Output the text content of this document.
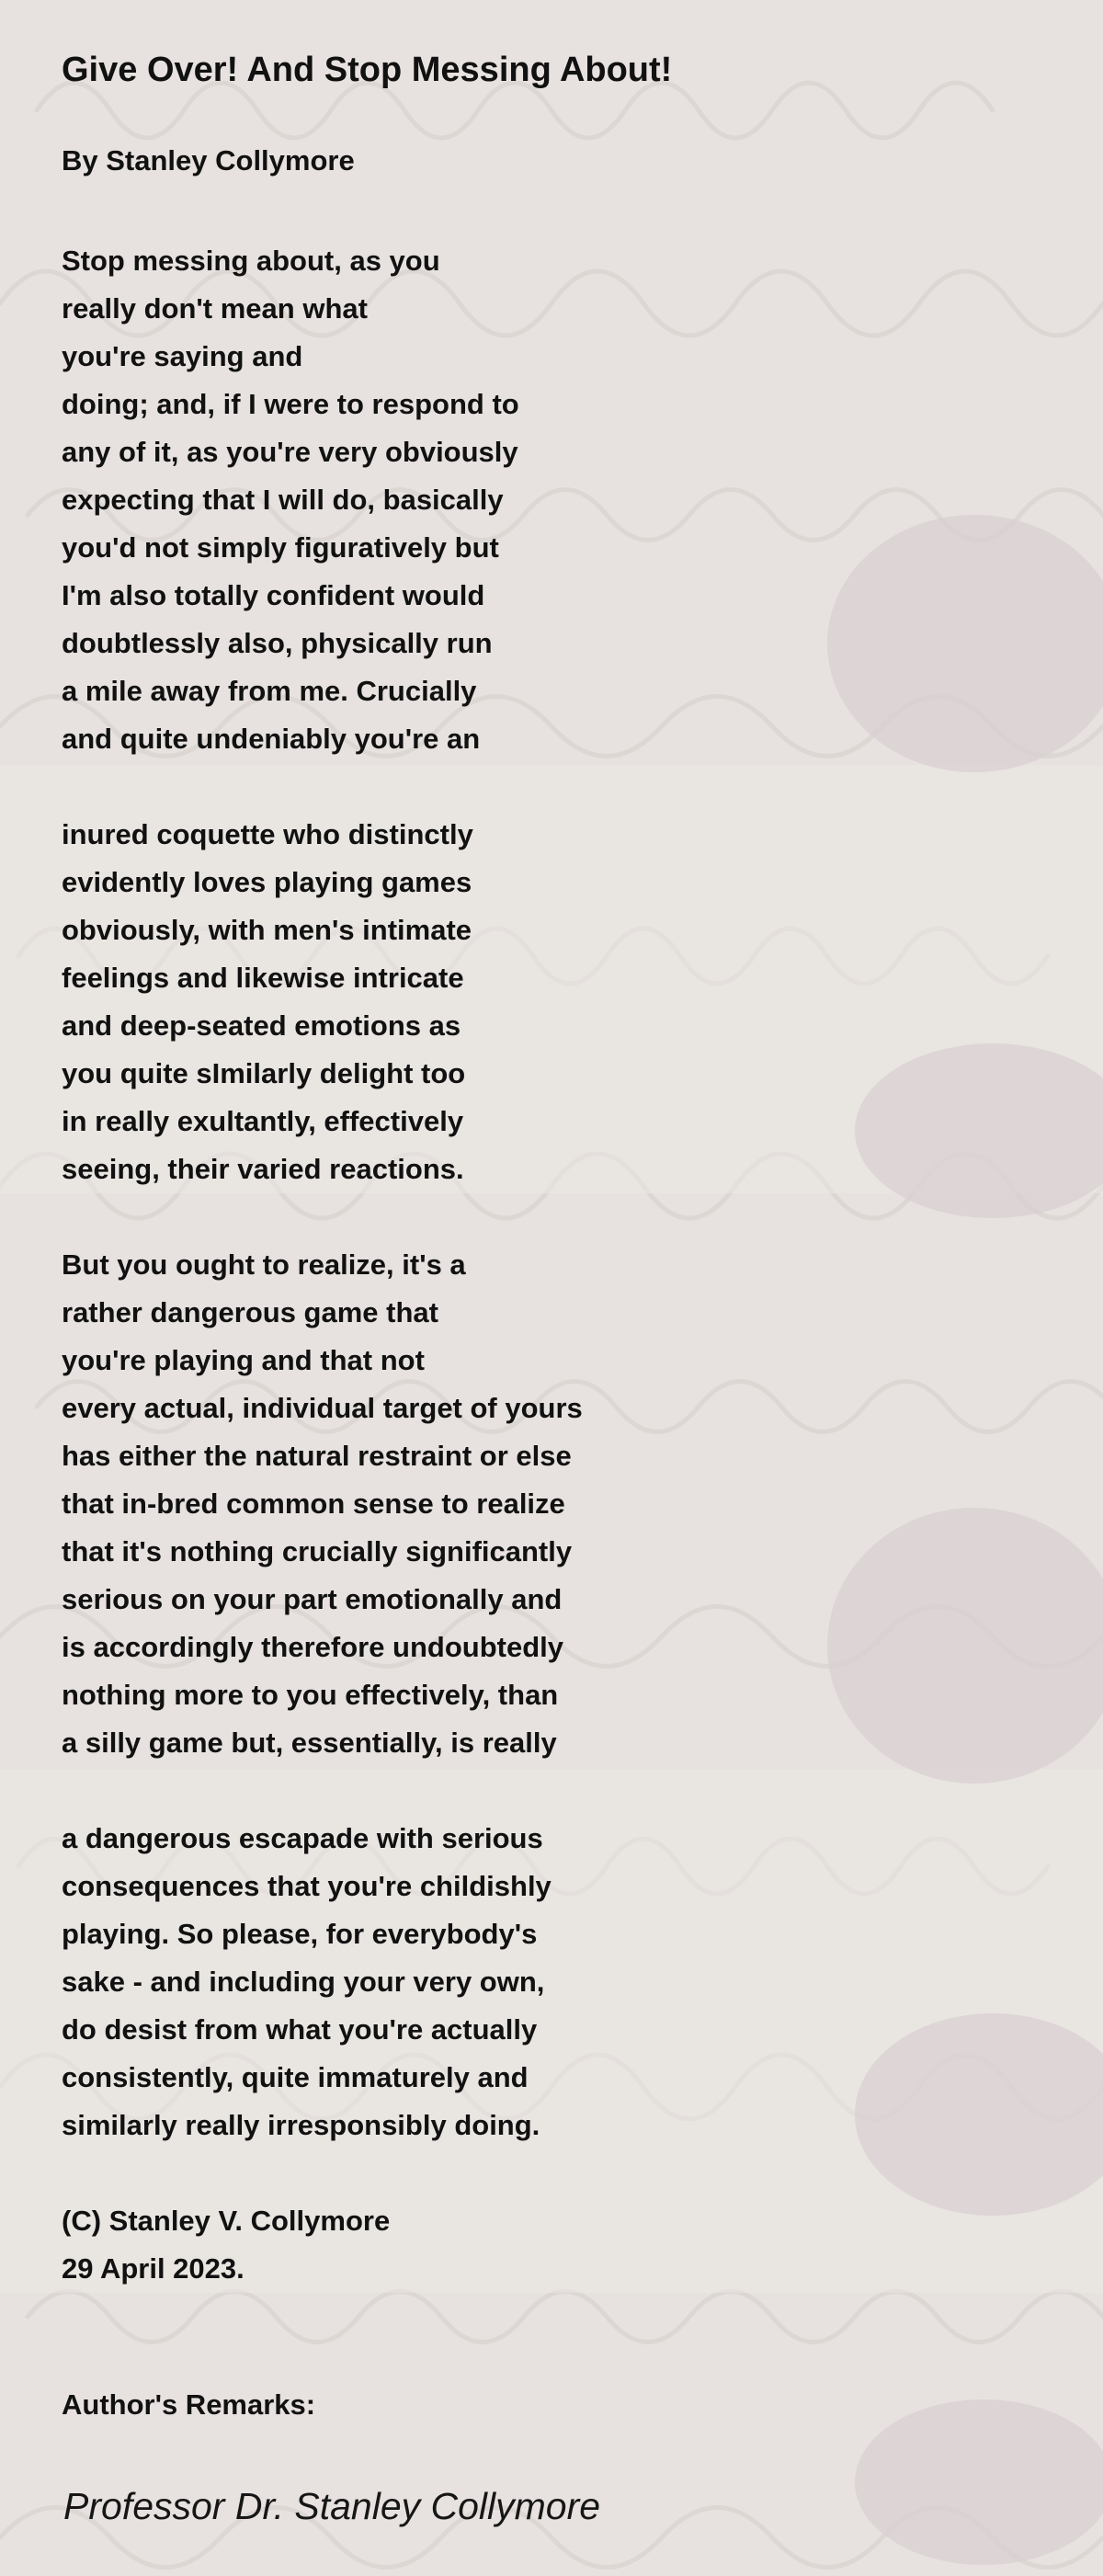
Give Over! And Stop Messing About!

By Stanley Collymore

Stop messing about, as you
really don't mean what
you're saying and
doing; and, if I were to respond to
any of it, as you're very obviously
expecting that I will do, basically
you'd not simply figuratively but
I'm also totally confident would
doubtlessly also, physically run
a mile away from me. Crucially
and quite undeniably you're an
inured coquette who distinctly
evidently loves playing games
obviously, with men's intimate
feelings and likewise intricate
and deep-seated emotions as
you quite sImilarly delight too
in really exultantly, effectively
seeing, their varied reactions.
But you ought to realize, it's a
rather dangerous game that
you're playing and that not
every actual, individual target of yours
has either the natural restraint or else
that in-bred common sense to realize
that it's nothing crucially significantly
serious on your part emotionally and
is accordingly therefore undoubtedly
nothing more to you effectively, than
a silly game but, essentially, is really
a dangerous escapade with serious
consequences that you're childishly
playing. So please, for everybody's
sake - and including your very own,
do desist from what you're actually
consistently, quite immaturely and
similarly really irresponsibly doing.
(C) Stanley V. Collymore
29 April 2023.

Author's Remarks:

Professor Dr. Stanley Collymore
